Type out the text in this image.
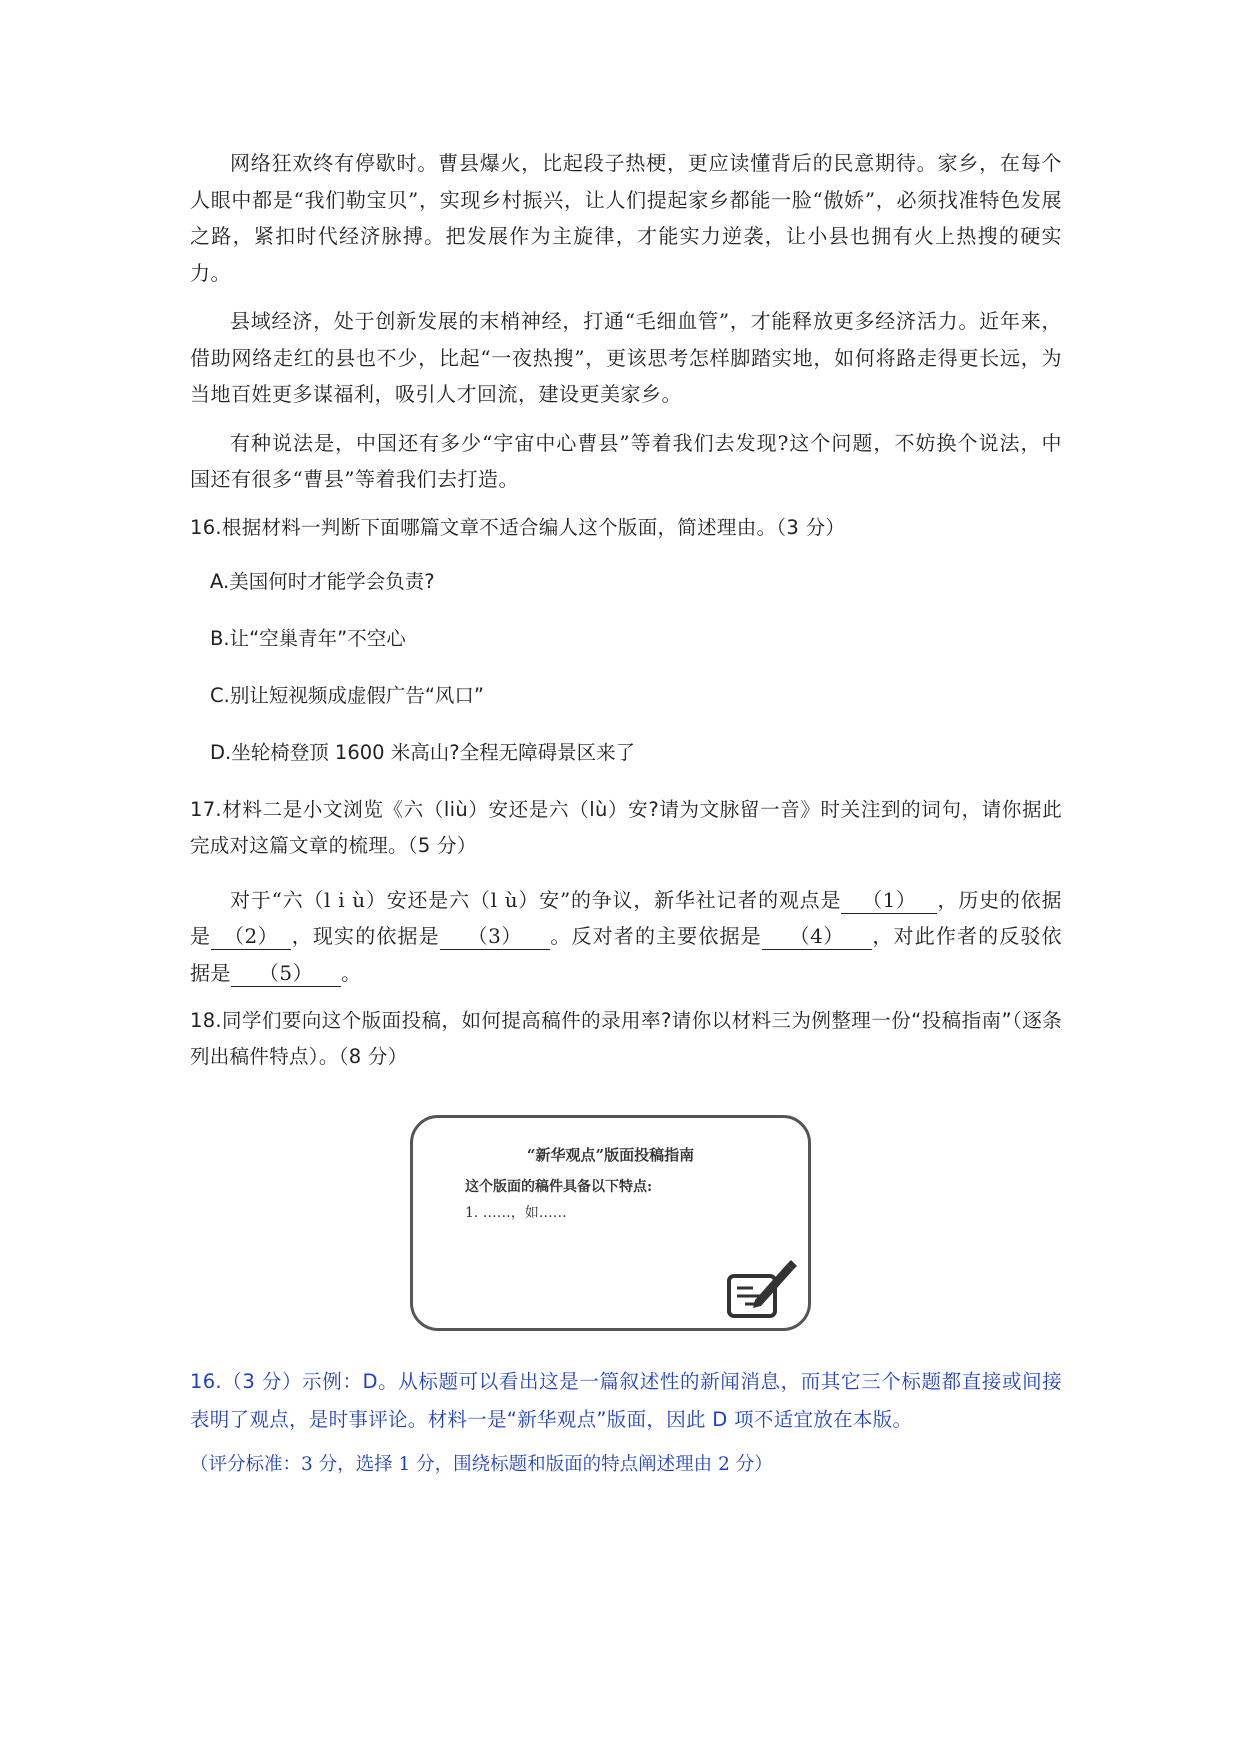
网络狂欢终有停歇时。曹县爆火，比起段子热梗，更应读懂背后的民意期待。家乡，在每个人眼中都是“我们勒宝贝”，实现乡村振兴，让人们提起家乡都能一脸“傲娇”，必须找准特色发展之路，紧扣时代经济脉搏。把发展作为主旋律，才能实力逆袭，让小县也拥有火上热搜的硬实力。

县域经济，处于创新发展的末梢神经，打通“毛细血管”，才能释放更多经济活力。近年来，借助网络走红的县也不少，比起“一夜热搜”，更该思考怎样脚踏实地，如何将路走得更长远，为当地百姓更多谋福利，吸引人才回流，建设更美家乡。

有种说法是，中国还有多少“宇宙中心曹县”等着我们去发现?这个问题，不妨换个说法，中国还有很多“曹县”等着我们去打造。

16.根据材料一判断下面哪篇文章不适合编人这个版面，简述理由。（3 分）

A.美国何时才能学会负责?

B.让“空巢青年”不空心

C.别让短视频成虚假广告“风口”

D.坐轮椅登顶 1600 米高山?全程无障碍景区来了

17.材料二是小文浏览《六（liù）安还是六（lù）安?请为文脉留一音》时关注到的词句，请你据此完成对这篇文章的梳理。（5 分）

对于“六（l i ù）安还是六（l ù）安”的争议，新华社记者的观点是 （1） ，历史的依据是 （2） ，现实的依据是 （3） 。反对者的主要依据是 （4） ，对此作者的反驳依据是 （5） 。

18.同学们要向这个版面投稿，如何提高稿件的录用率?请你以材料三为例整理一份“投稿指南”（逐条列出稿件特点）。（8 分）

“新华观点”版面投稿指南
这个版面的稿件具备以下特点:
1. ……，如……

16.（3 分）示例：D。从标题可以看出这是一篇叙述性的新闻消息，而其它三个标题都直接或间接表明了观点，是时事评论。材料一是“新华观点”版面，因此 D 项不适宜放在本版。

（评分标准：3 分，选择 1 分，围绕标题和版面的特点阐述理由 2 分）
